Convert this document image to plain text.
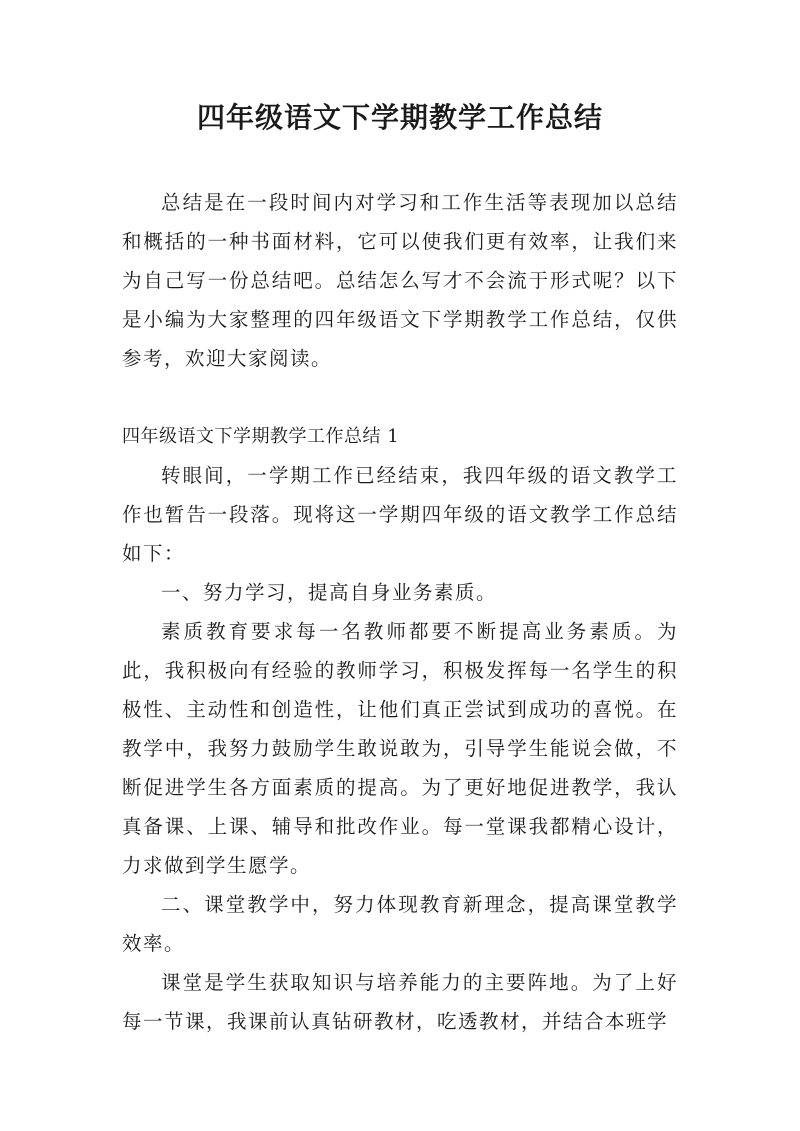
四年级语文下学期教学工作总结

总结是在一段时间内对学习和工作生活等表现加以总结和概括的一种书面材料，它可以使我们更有效率，让我们来为自己写一份总结吧。总结怎么写才不会流于形式呢？以下是小编为大家整理的四年级语文下学期教学工作总结，仅供参考，欢迎大家阅读。

四年级语文下学期教学工作总结 1

转眼间，一学期工作已经结束，我四年级的语文教学工作也暂告一段落。现将这一学期四年级的语文教学工作总结如下：

一、努力学习，提高自身业务素质。

素质教育要求每一名教师都要不断提高业务素质。为此，我积极向有经验的教师学习，积极发挥每一名学生的积极性、主动性和创造性，让他们真正尝试到成功的喜悦。在教学中，我努力鼓励学生敢说敢为，引导学生能说会做，不断促进学生各方面素质的提高。为了更好地促进教学，我认真备课、上课、辅导和批改作业。每一堂课我都精心设计，力求做到学生愿学。

二、课堂教学中，努力体现教育新理念，提高课堂教学效率。

课堂是学生获取知识与培养能力的主要阵地。为了上好每一节课，我课前认真钻研教材，吃透教材，并结合本班学
